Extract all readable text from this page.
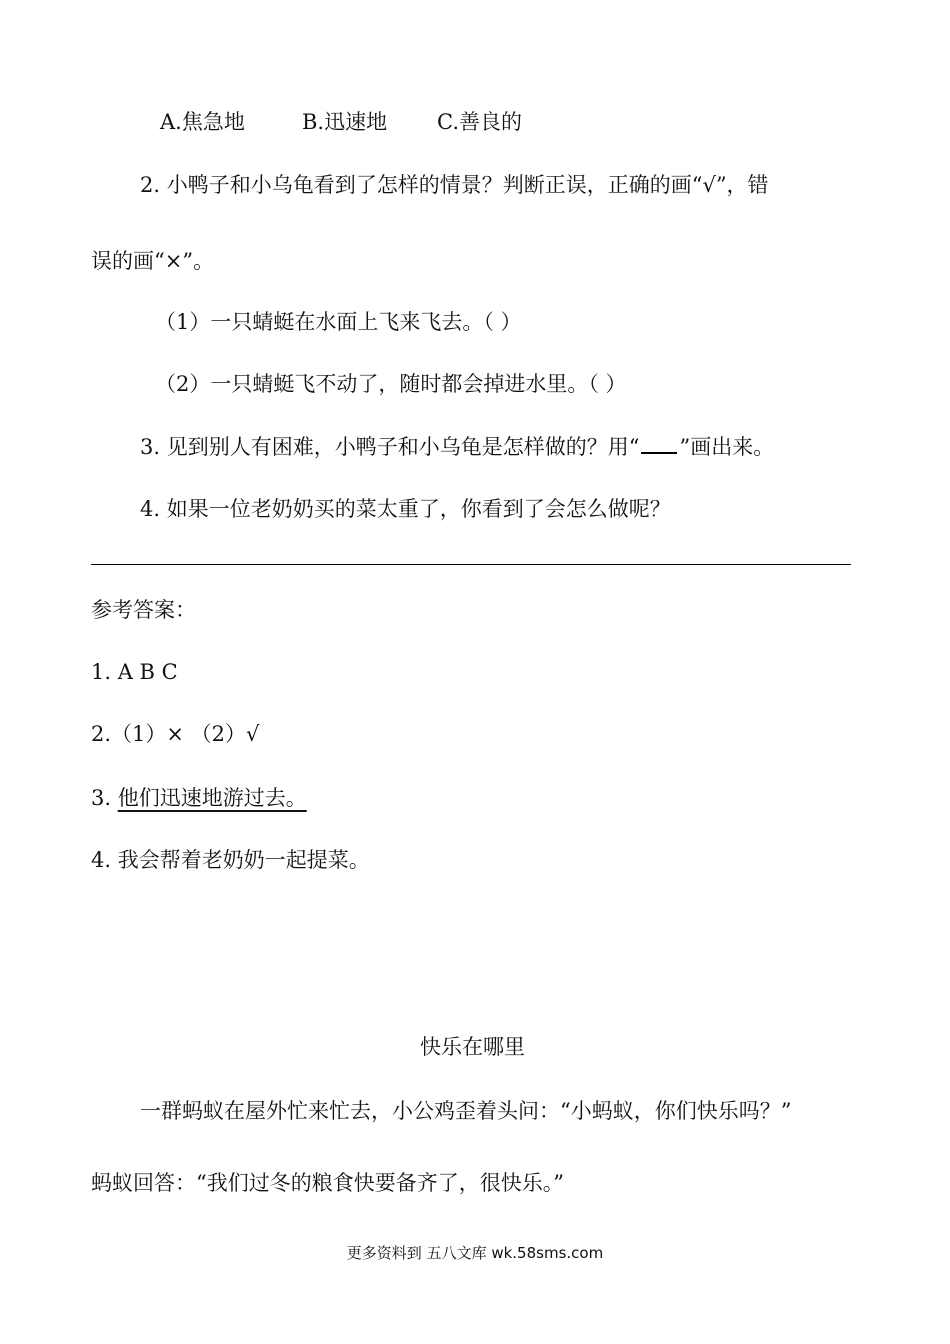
A.焦急地	B.迅速地 C.善良的
2. 小鸭子和小乌龟看到了怎样的情景？判断正误，正确的画“√”，错
误的画“×”。
（1）一只蜻蜓在水面上飞来飞去。（ ）
（2）一只蜻蜓飞不动了，随时都会掉进水里。（ ）
3. 见到别人有困难，小鸭子和小乌龟是怎样做的？用“ ”画出来。
4. 如果一位老奶奶买的菜太重了，你看到了会怎么做呢？
参考答案：
1. A B C
2.（1）× （2）√
3. 他们迅速地游过去。
4. 我会帮着老奶奶一起提菜。
快乐在哪里
一群蚂蚁在屋外忙来忙去，小公鸡歪着头问：“小蚂蚁，你们快乐吗？”
蚂蚁回答：“我们过冬的粮食快要备齐了，很快乐。”
更多资料到 五八文库 wk.58sms.com
